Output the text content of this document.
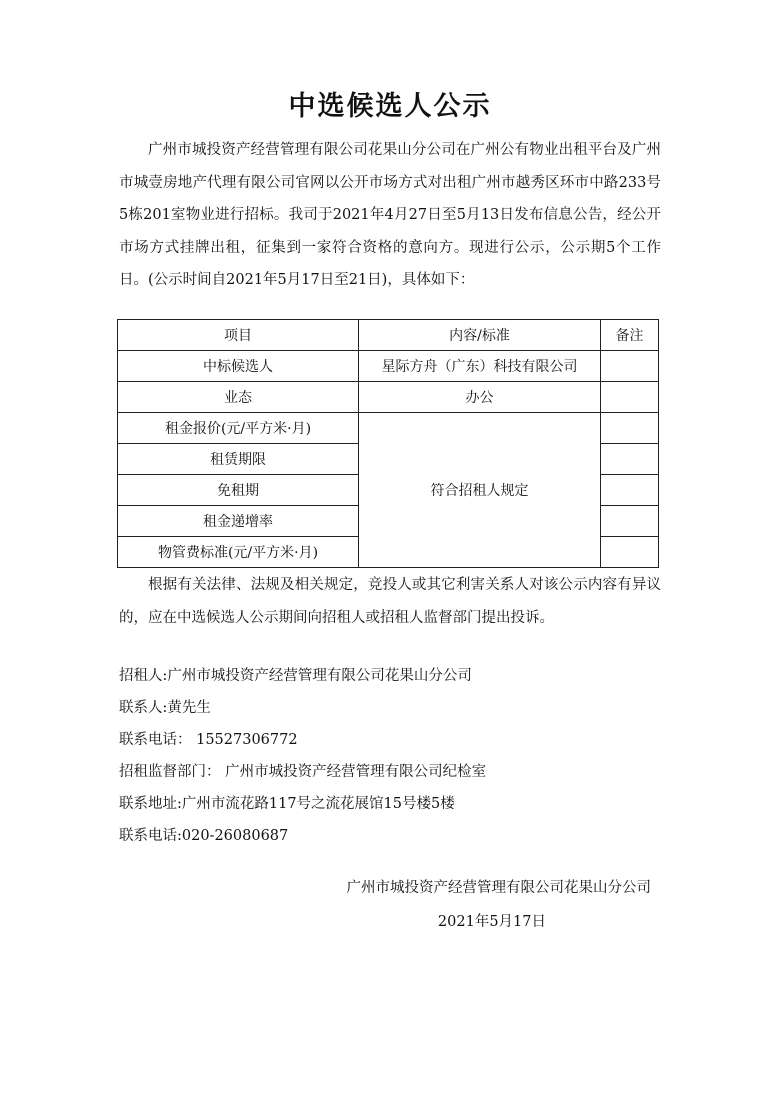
中选候选人公示
广州市城投资产经营管理有限公司花果山分公司在广州公有物业出租平台及广州市城壹房地产代理有限公司官网以公开市场方式对出租广州市越秀区环市中路233号5栋201室物业进行招标。我司于2021年4月27日至5月13日发布信息公告，经公开市场方式挂牌出租，征集到一家符合资格的意向方。现进行公示，公示期5个工作日。(公示时间自2021年5月17日至21日)，具体如下：
项目	内容/标准	备注
中标候选人	星际方舟（广东）科技有限公司	
业态	办公	
租金报价(元/平方米·月)	符合招租人规定	
租赁期限		
免租期		
租金递增率		
物管费标准(元/平方米·月)		
根据有关法律、法规及相关规定，竞投人或其它利害关系人对该公示内容有异议的，应在中选候选人公示期间向招租人或招租人监督部门提出投诉。
招租人:广州市城投资产经营管理有限公司花果山分公司
联系人:黄先生
联系电话： 15527306772
招租监督部门： 广州市城投资产经营管理有限公司纪检室
联系地址:广州市流花路117号之流花展馆15号楼5楼
联系电话:020-26080687
广州市城投资产经营管理有限公司花果山分公司
2021年5月17日
